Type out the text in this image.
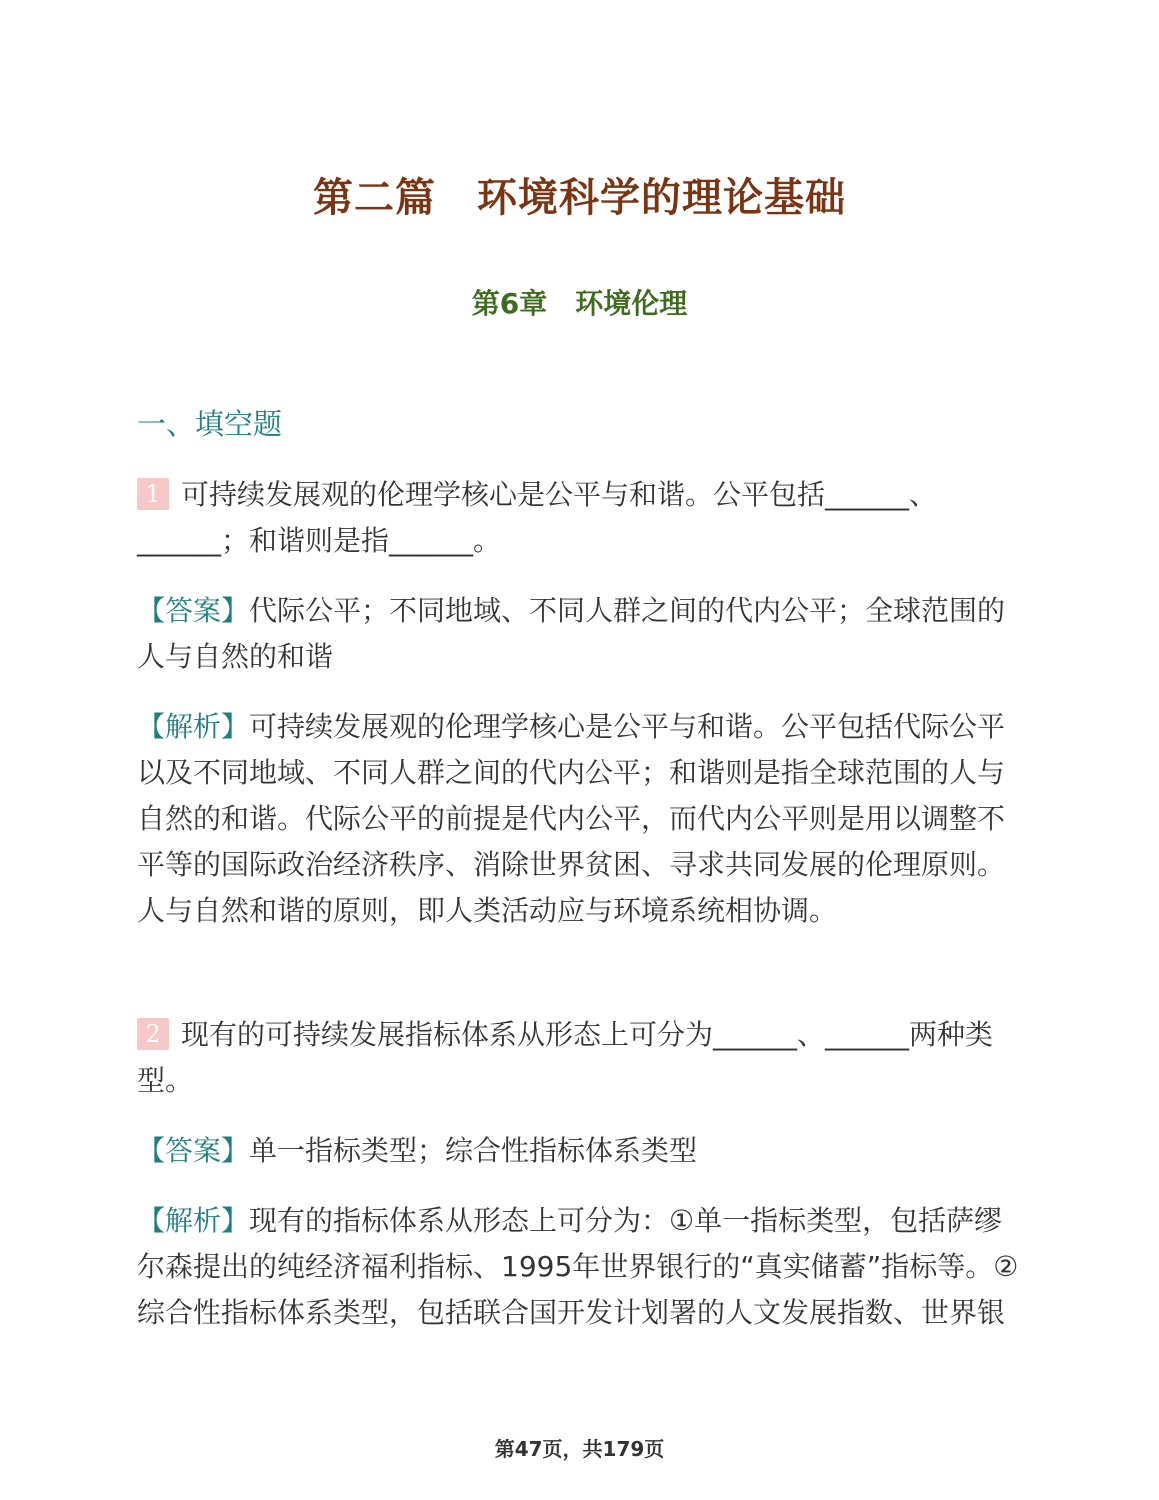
第二篇　环境科学的理论基础
第6章　环境伦理
一、填空题

1 可持续发展观的伦理学核心是公平与和谐。公平包括______、______；和谐则是指______。

【答案】代际公平；不同地域、不同人群之间的代内公平；全球范围的人与自然的和谐

【解析】可持续发展观的伦理学核心是公平与和谐。公平包括代际公平以及不同地域、不同人群之间的代内公平；和谐则是指全球范围的人与自然的和谐。代际公平的前提是代内公平，而代内公平则是用以调整不平等的国际政治经济秩序、消除世界贫困、寻求共同发展的伦理原则。人与自然和谐的原则，即人类活动应与环境系统相协调。

2 现有的可持续发展指标体系从形态上可分为______、______两种类型。

【答案】单一指标类型；综合性指标体系类型

【解析】现有的指标体系从形态上可分为：①单一指标类型，包括萨缪尔森提出的纯经济福利指标、1995年世界银行的“真实储蓄”指标等。②综合性指标体系类型，包括联合国开发计划署的人文发展指数、世界银

第47页，共179页
